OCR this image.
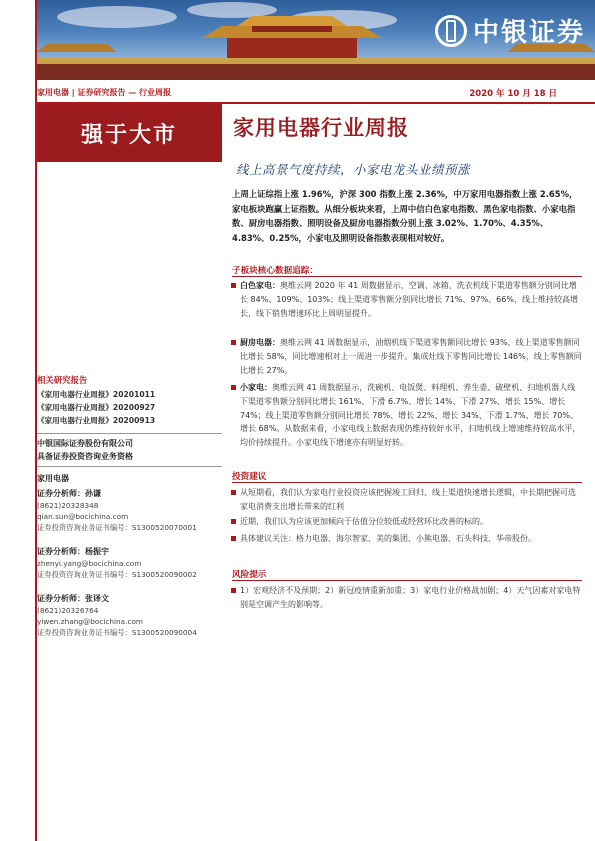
中银证券
家用电器 | 证券研究报告 — 行业周报	2020 年 10 月 18 日
强于大市	家用电器行业周报
线上高景气度持续，小家电龙头业绩预涨
上周上证综指上涨 1.96%，沪深 300 指数上涨 2.36%，中万家用电器指数上涨 2.65%，家电板块跑赢上证指数。从细分板块来看，上周中信白色家电指数、黑色家电指数、小家电指数、厨房电器指数、照明设备及厨房电器指数分别上涨 3.02%、1.70%、4.35%、4.83%、0.25%，小家电及照明设备指数表现相对较好。
子板块核心数据追踪：
白色家电：奥维云网 2020 年 41 周数据显示，空调、冰箱、洗衣机线下渠道零售额分别同比增长 84%、109%、103%；线上渠道零售额分别同比增长 71%、97%、66%，线上维持较高增长，线下销售增速环比上周明显提升。
厨房电器：奥维云网 41 周数据显示，油烟机线下渠道零售额同比增长 93%，线上渠道零售额同比增长 58%，同比增速相对上一周进一步提升。集成灶线下零售同比增长 146%，线上零售额同比增长 27%。
小家电：奥维云网 41 周数据显示，洗碗机、电饭煲、料理机、养生壶、破壁机、扫地机器人线下渠道零售额分别同比增长 161%、下滑 6.7%、增长 14%、下滑 27%、增长 15%、增长 74%；线上渠道零售额分别同比增长 78%、增长 22%、增长 34%、下滑 1.7%、增长 70%、增长 68%。从数据来看，小家电线上数据表现仍维持较好水平，扫地机线上增速维持较高水平，均价持续提升。小家电线下增速亦有明显好转。
投资建议
从短期看，我们认为家电行业投资应该把握竣工回归、线上渠道快速增长逻辑，中长期把握可选家电消费支出增长带来的红利
近期，我们认为应该更加倾向于估值分位较低或经营环比改善的标的。
具体建议关注：格力电器、海尔智家、美的集团、小熊电器、石头科技、华帝股份。
风险提示
1）宏观经济不及预期；2）新冠疫情重新加重；3）家电行业价格战加剧；4）天气因素对家电特别是空调产生的影响等。
相关研究报告
《家用电器行业周报》20201011
《家用电器行业周报》20200927
《家用电器行业周报》20200913
中银国际证券股份有限公司
具备证券投资咨询业务资格
家用电器
证券分析师：孙谦
(8621)20328348
qian.sun@bocichina.com
证券投资咨询业务证书编号：S1300520070001
证券分析师：杨振宇
zhenyi.yang@bocichina.com
证券投资咨询业务证书编号：S1300520090002
证券分析师：张译文
(8621)20326764
yiwen.zhang@bocichina.com
证券投资咨询业务证书编号：S1300520090004
